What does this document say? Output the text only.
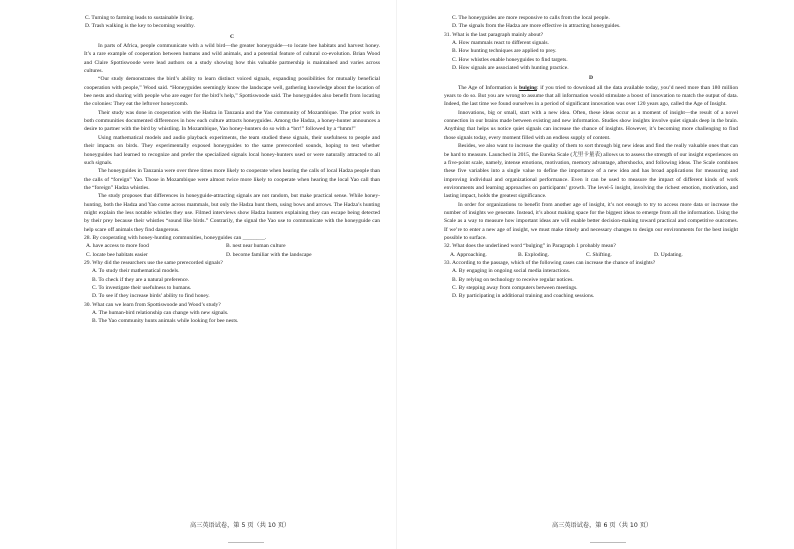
C. Turning to farming leads to sustainable living.
D. Trash walking is the key to becoming wealthy.
C

In parts of Africa, people communicate with a wild bird—the greater honeyguide—to locate bee habitats and harvest honey. It’s a rare example of cooperation between humans and wild animals, and a potential feature of cultural co-evolution. Brian Wood and Claire Spottiswoode were lead authors on a study showing how this valuable partnership is maintained and varies across cultures.

“Our study demonstrates the bird’s ability to learn distinct voiced signals, expanding possibilities for mutually beneficial cooperation with people,” Wood said. “Honeyguides seemingly know the landscape well, gathering knowledge about the location of bee nests and sharing with people who are eager for the bird’s help,” Spottiswoode said. The honeyguides also benefit from locating the colonies: They eat the leftover honeycomb.

Their study was done in cooperation with the Hadza in Tanzania and the Yao community of Mozambique. The prior work in both communities documented differences in how each culture attracts honeyguides. Among the Hadza, a honey-hunter announces a desire to partner with the bird by whistling. In Mozambique, Yao honey-hunters do so with a “brr!” followed by a “hmm!”

Using mathematical models and audio playback experiments, the team studied these signals, their usefulness to people and their impacts on birds. They experimentally exposed honeyguides to the same prerecorded sounds, hoping to test whether honeyguides had learned to recognize and prefer the specialized signals local honey-hunters used or were naturally attracted to all such signals.

The honeyguides in Tanzania were over three times more likely to cooperate when hearing the calls of local Hadza people than the calls of “foreign” Yao. Those in Mozambique were almost twice more likely to cooperate when hearing the local Yao call than the “foreign” Hadza whistles.

The study proposes that differences in honeyguide-attracting signals are not random, but make practical sense. While honey-hunting, both the Hadza and Yao come across mammals, but only the Hadza hunt them, using bows and arrows. The Hadza’s hunting might explain the less notable whistles they use. Filmed interviews show Hadza hunters explaining they can escape being detected by their prey because their whistles “sound like birds.” Contrarily, the signal the Yao use to communicate with the honeyguide can help scare off animals they find dangerous.

28. By cooperating with honey-hunting communities, honeyguides can ________.
A. have access to more food	B. nest near human culture
C. locate bee habitats easier	D. become familiar with the landscape
29. Why did the researchers use the same prerecorded signals?
A. To study their mathematical models.
B. To check if they are a natural preference.
C. To investigate their usefulness to humans.
D. To see if they increase birds’ ability to find honey.
30. What can we learn from Spottiswoode and Wood’s study?
A. The human-bird relationship can change with new signals.
B. The Yao community hunts animals while looking for bee nests.
高三英语试卷，第 5 页（共 10 页）
C. The honeyguides are more responsive to calls from the local people.
D. The signals from the Hadza are more effective in attracting honeyguides.
31. What is the last paragraph mainly about?
A. How mammals react to different signals.
B. How hunting techniques are applied to prey.
C. How whistles enable honeyguides to find targets.
D. How signals are associated with hunting practice.
D

The Age of Information is bulging: if you tried to download all the data available today, you’d need more than 180 million years to do so. But you are wrong to assume that all information would stimulate a boost of innovation to match the output of data. Indeed, the last time we found ourselves in a period of significant innovation was over 120 years ago, called the Age of Insight.

Innovations, big or small, start with a new idea. Often, these ideas occur as a moment of insight—the result of a novel connection in our brains made between existing and new information. Studies show insights involve quiet signals deep in the brain. Anything that helps us notice quiet signals can increase the chance of insights. However, it’s becoming more challenging to find those signals today, every moment filled with an endless supply of content.

Besides, we also want to increase the quality of them to sort through big new ideas and find the really valuable ones that can be hard to measure. Launched in 2015, the Eureka Scale (尤里卡量表) allows us to assess the strength of our insight experiences on a five-point scale, namely, intense emotions, motivation, memory advantage, aftershocks, and following ideas. The Scale combines these five variables into a single value to define the importance of a new idea and has broad applications for measuring and improving individual and organizational performance. Even it can be used to measure the impact of different kinds of work environments and learning approaches on participants’ growth. The level-5 insight, involving the richest emotion, motivation, and lasting impact, holds the greatest significance.

In order for organizations to benefit from another age of insight, it’s not enough to try to access more data or increase the number of insights we generate. Instead, it’s about making space for the biggest ideas to emerge from all the information. Using the Scale as a way to measure how important ideas are will enable better decision-making toward practical and competitive outcomes. If we’re to enter a new age of insight, we must make timely and necessary changes to design our environments for the best insight possible to surface.

32. What does the underlined word “bulging” in Paragraph 1 probably mean?
A. Approaching.	B. Exploding.	C. Shifting.	D. Updating.
33. According to the passage, which of the following cases can increase the chance of insights?
A. By engaging in ongoing social media interactions.
B. By relying on technology to receive regular notices.
C. By stepping away from computers between meetings.
D. By participating in additional training and coaching sessions.
高三英语试卷，第 6 页（共 10 页）
